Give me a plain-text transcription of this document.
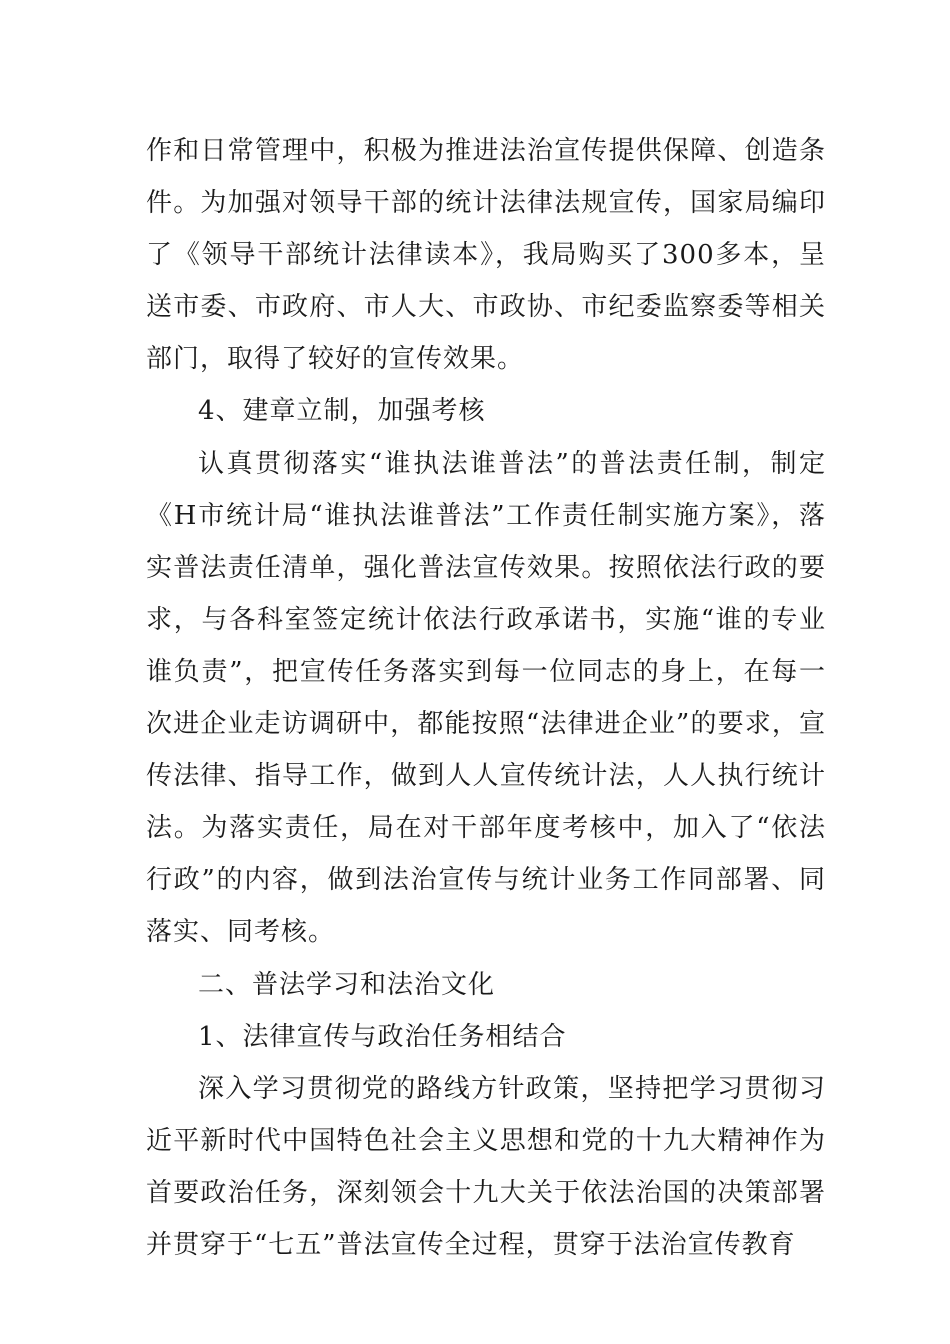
作和日常管理中，积极为推进法治宣传提供保障、创造条件。为加强对领导干部的统计法律法规宣传，国家局编印了《领导干部统计法律读本》，我局购买了300多本，呈送市委、市政府、市人大、市政协、市纪委监察委等相关部门，取得了较好的宣传效果。

4、建章立制，加强考核

认真贯彻落实“谁执法谁普法”的普法责任制，制定《H市统计局“谁执法谁普法”工作责任制实施方案》，落实普法责任清单，强化普法宣传效果。按照依法行政的要求，与各科室签定统计依法行政承诺书，实施“谁的专业谁负责”，把宣传任务落实到每一位同志的身上，在每一次进企业走访调研中，都能按照“法律进企业”的要求，宣传法律、指导工作，做到人人宣传统计法，人人执行统计法。为落实责任，局在对干部年度考核中，加入了“依法行政”的内容，做到法治宣传与统计业务工作同部署、同落实、同考核。

二、普法学习和法治文化

1、法律宣传与政治任务相结合

深入学习贯彻党的路线方针政策，坚持把学习贯彻习近平新时代中国特色社会主义思想和党的十九大精神作为首要政治任务，深刻领会十九大关于依法治国的决策部署并贯穿于“七五”普法宣传全过程，贯穿于法治宣传教育
